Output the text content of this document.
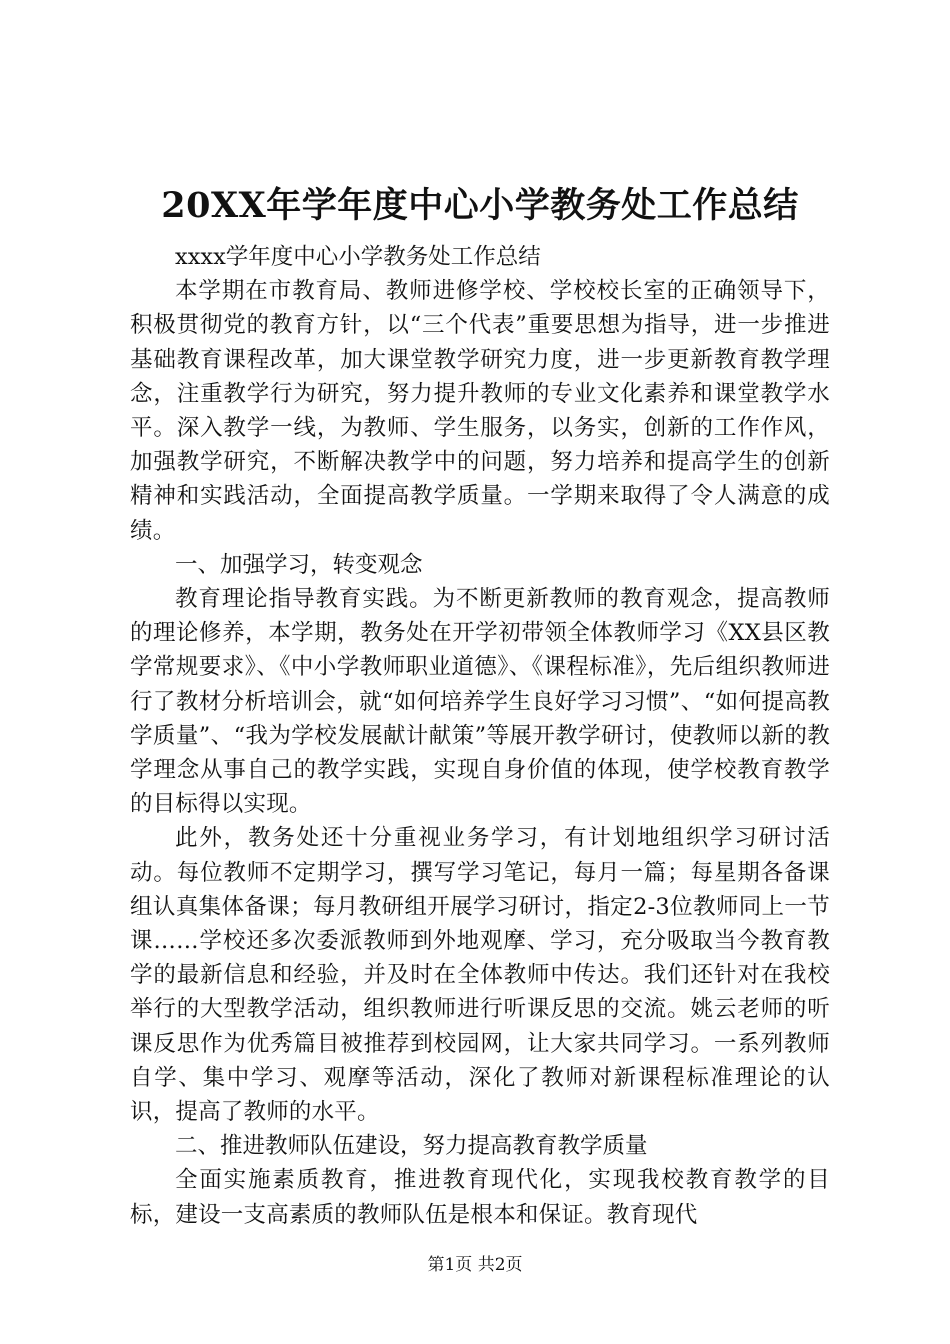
20XX年学年度中心小学教务处工作总结

xxxx学年度中心小学教务处工作总结

本学期在市教育局、教师进修学校、学校校长室的正确领导下，积极贯彻党的教育方针，以“三个代表”重要思想为指导，进一步推进基础教育课程改革，加大课堂教学研究力度，进一步更新教育教学理念，注重教学行为研究，努力提升教师的专业文化素养和课堂教学水平。深入教学一线，为教师、学生服务，以务实，创新的工作作风，加强教学研究，不断解决教学中的问题，努力培养和提高学生的创新精神和实践活动，全面提高教学质量。一学期来取得了令人满意的成绩。

一、加强学习，转变观念

教育理论指导教育实践。为不断更新教师的教育观念，提高教师的理论修养，本学期，教务处在开学初带领全体教师学习《XX县区教学常规要求》、《中小学教师职业道德》、《课程标准》，先后组织教师进行了教材分析培训会，就“如何培养学生良好学习习惯”、“如何提高教学质量”、“我为学校发展献计献策”等展开教学研讨，使教师以新的教学理念从事自己的教学实践，实现自身价值的体现，使学校教育教学的目标得以实现。

此外，教务处还十分重视业务学习，有计划地组织学习研讨活动。每位教师不定期学习，撰写学习笔记，每月一篇；每星期各备课组认真集体备课；每月教研组开展学习研讨，指定2-3位教师同上一节课……学校还多次委派教师到外地观摩、学习，充分吸取当今教育教学的最新信息和经验，并及时在全体教师中传达。我们还针对在我校举行的大型教学活动，组织教师进行听课反思的交流。姚云老师的听课反思作为优秀篇目被推荐到校园网，让大家共同学习。一系列教师自学、集中学习、观摩等活动，深化了教师对新课程标准理论的认识，提高了教师的水平。

二、推进教师队伍建设，努力提高教育教学质量

全面实施素质教育，推进教育现代化，实现我校教育教学的目标，建设一支高素质的教师队伍是根本和保证。教育现代

第1页 共2页
